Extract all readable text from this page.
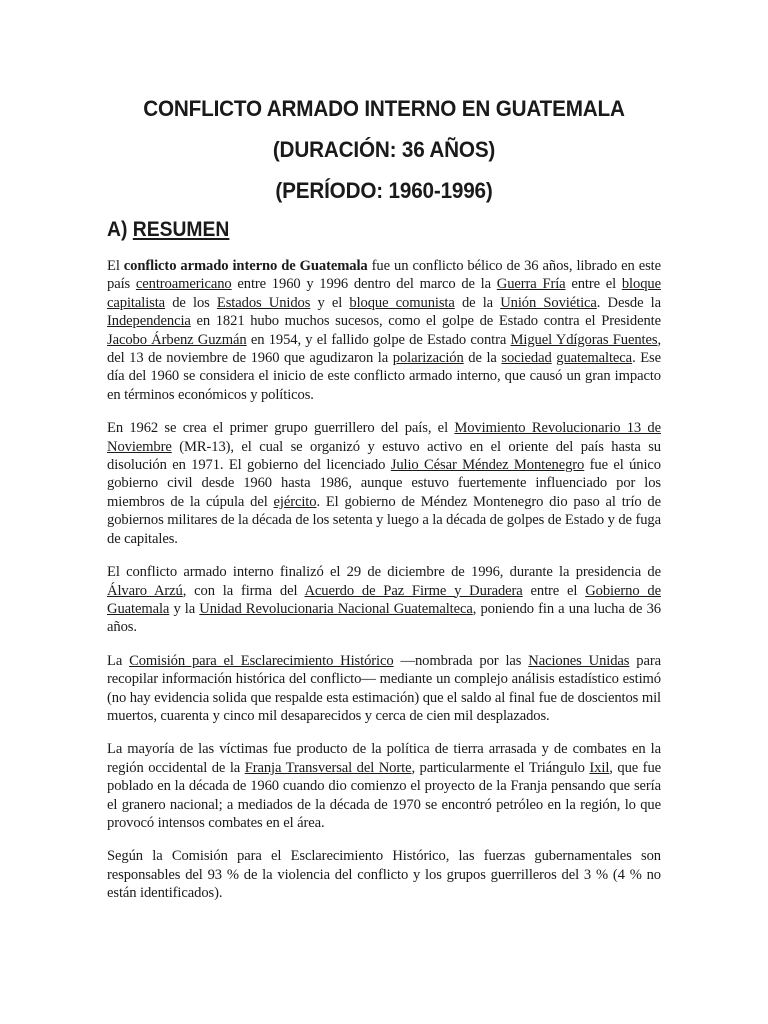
CONFLICTO ARMADO INTERNO EN GUATEMALA
(DURACIÓN: 36 AÑOS)
(PERÍODO: 1960-1996)
A) RESUMEN

El conflicto armado interno de Guatemala fue un conflicto bélico de 36 años, librado en este país centroamericano entre 1960 y 1996 dentro del marco de la Guerra Fría entre el bloque capitalista de los Estados Unidos y el bloque comunista de la Unión Soviética. Desde la Independencia en 1821 hubo muchos sucesos, como el golpe de Estado contra el Presidente Jacobo Árbenz Guzmán en 1954, y el fallido golpe de Estado contra Miguel Ydígoras Fuentes, del 13 de noviembre de 1960 que agudizaron la polarización de la sociedad guatemalteca. Ese día del 1960 se considera el inicio de este conflicto armado interno, que causó un gran impacto en términos económicos y políticos.

En 1962 se crea el primer grupo guerrillero del país, el Movimiento Revolucionario 13 de Noviembre (MR-13), el cual se organizó y estuvo activo en el oriente del país hasta su disolución en 1971. El gobierno del licenciado Julio César Méndez Montenegro fue el único gobierno civil desde 1960 hasta 1986, aunque estuvo fuertemente influenciado por los miembros de la cúpula del ejército. El gobierno de Méndez Montenegro dio paso al trío de gobiernos militares de la década de los setenta y luego a la década de golpes de Estado y de fuga de capitales.

El conflicto armado interno finalizó el 29 de diciembre de 1996, durante la presidencia de Álvaro Arzú, con la firma del Acuerdo de Paz Firme y Duradera entre el Gobierno de Guatemala y la Unidad Revolucionaria Nacional Guatemalteca, poniendo fin a una lucha de 36 años.

La Comisión para el Esclarecimiento Histórico —nombrada por las Naciones Unidas para recopilar información histórica del conflicto— mediante un complejo análisis estadístico estimó (no hay evidencia solida que respalde esta estimación) que el saldo al final fue de doscientos mil muertos, cuarenta y cinco mil desaparecidos y cerca de cien mil desplazados.

La mayoría de las víctimas fue producto de la política de tierra arrasada y de combates en la región occidental de la Franja Transversal del Norte, particularmente el Triángulo Ixil, que fue poblado en la década de 1960 cuando dio comienzo el proyecto de la Franja pensando que sería el granero nacional; a mediados de la década de 1970 se encontró petróleo en la región, lo que provocó intensos combates en el área.

Según la Comisión para el Esclarecimiento Histórico, las fuerzas gubernamentales son responsables del 93 % de la violencia del conflicto y los grupos guerrilleros del 3 % (4 % no están identificados).
